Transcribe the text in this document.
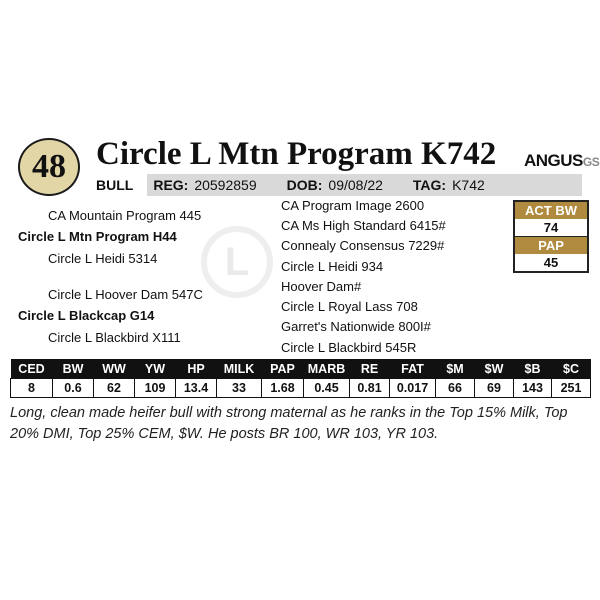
48 Circle L Mtn Program K742 ANGUSGS
BULL	REG: 20592859 DOB: 09/08/22 TAG: K742
L
CA Mountain Program 445
Circle L Mtn Program H44
Circle L Heidi 5314
Circle L Hoover Dam 547C
Circle L Blackcap G14
Circle L Blackbird X111
CA Program Image 2600
CA Ms High Standard 6415#
Connealy Consensus 7229#
Circle L Heidi 934
Hoover Dam#
Circle L Royal Lass 708
Garret's Nationwide 800I#
Circle L Blackbird 545R
ACT BW
74
PAP
45
CED	BW	WW	YW	HP	MILK	PAP	MARB	RE	FAT	$M	$W	$B	$C
8	0.6	62	109	13.4	33	1.68	0.45	0.81	0.017	66	69	143	251
Long, clean made heifer bull with strong maternal as he ranks in the Top 15% Milk, Top 20% DMI, Top 25% CEM, $W. He posts BR 100, WR 103, YR 103.
